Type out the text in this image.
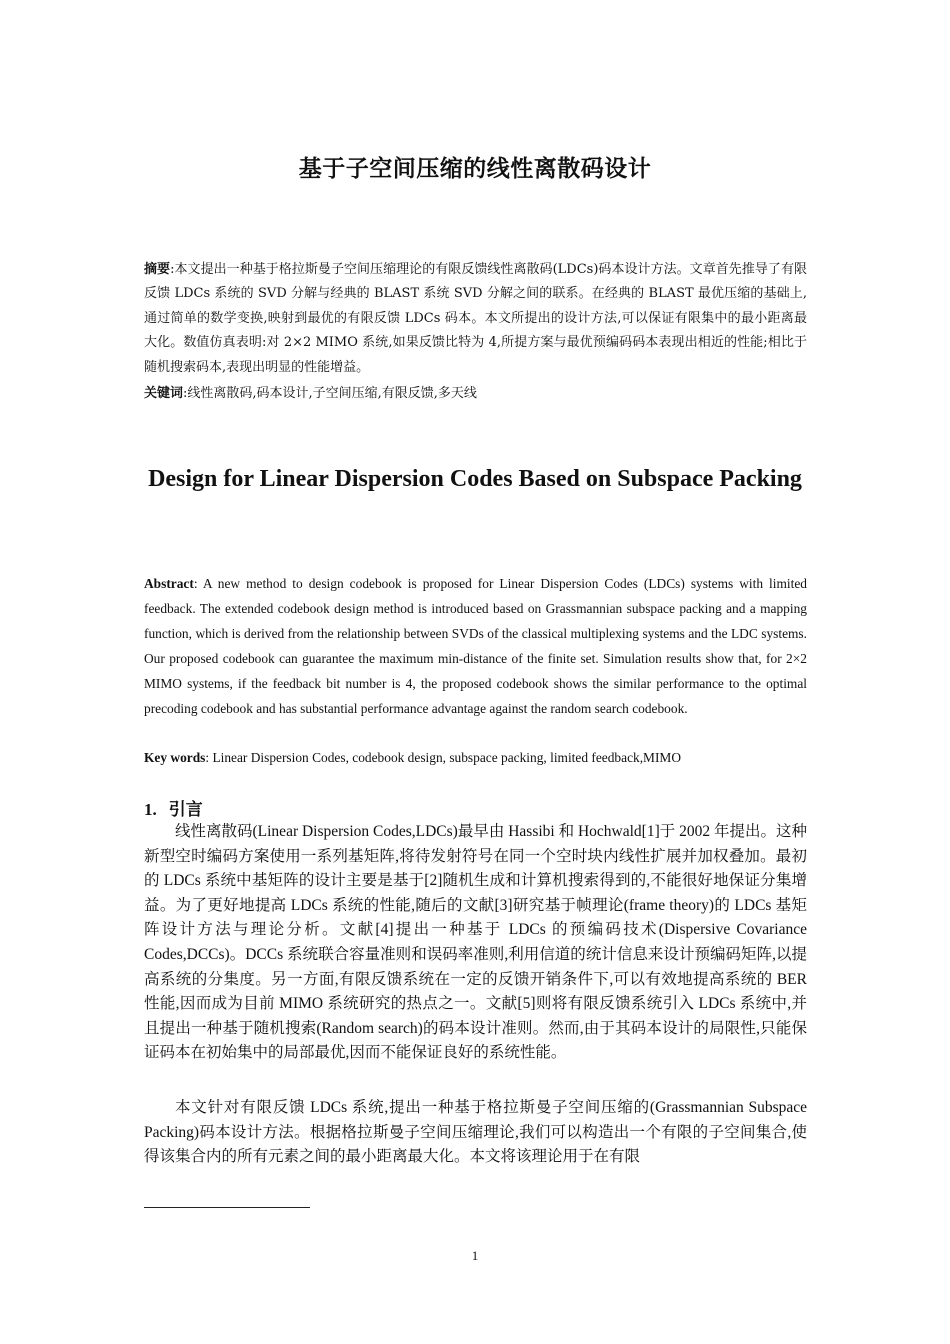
基于子空间压缩的线性离散码设计
摘要:本文提出一种基于格拉斯曼子空间压缩理论的有限反馈线性离散码(LDCs)码本设计方法。文章首先推导了有限反馈 LDCs 系统的 SVD 分解与经典的 BLAST 系统 SVD 分解之间的联系。在经典的 BLAST 最优压缩的基础上,通过简单的数学变换,映射到最优的有限反馈 LDCs 码本。本文所提出的设计方法,可以保证有限集中的最小距离最大化。数值仿真表明:对 2×2 MIMO 系统,如果反馈比特为 4,所提方案与最优预编码码本表现出相近的性能;相比于随机搜索码本,表现出明显的性能增益。
关键词:线性离散码,码本设计,子空间压缩,有限反馈,多天线
Design for Linear Dispersion Codes Based on Subspace Packing
Abstract: A new method to design codebook is proposed for Linear Dispersion Codes (LDCs) systems with limited feedback. The extended codebook design method is introduced based on Grassmannian subspace packing and a mapping function, which is derived from the relationship between SVDs of the classical multiplexing systems and the LDC systems. Our proposed codebook can guarantee the maximum min-distance of the finite set. Simulation results show that, for 2×2 MIMO systems, if the feedback bit number is 4, the proposed codebook shows the similar performance to the optimal precoding codebook and has substantial performance advantage against the random search codebook.
Key words: Linear Dispersion Codes, codebook design, subspace packing, limited feedback,MIMO
1. 引言

线性离散码(Linear Dispersion Codes,LDCs)最早由 Hassibi 和 Hochwald[1]于 2002 年提出。这种新型空时编码方案使用一系列基矩阵,将待发射符号在同一个空时块内线性扩展并加权叠加。最初的 LDCs 系统中基矩阵的设计主要是基于[2]随机生成和计算机搜索得到的,不能很好地保证分集增益。为了更好地提高 LDCs 系统的性能,随后的文献[3]研究基于帧理论(frame theory)的 LDCs 基矩阵设计方法与理论分析。文献[4]提出一种基于 LDCs 的预编码技术(Dispersive Covariance Codes,DCCs)。DCCs 系统联合容量准则和误码率准则,利用信道的统计信息来设计预编码矩阵,以提高系统的分集度。另一方面,有限反馈系统在一定的反馈开销条件下,可以有效地提高系统的 BER 性能,因而成为目前 MIMO 系统研究的热点之一。文献[5]则将有限反馈系统引入 LDCs 系统中,并且提出一种基于随机搜索(Random search)的码本设计准则。然而,由于其码本设计的局限性,只能保证码本在初始集中的局部最优,因而不能保证良好的系统性能。

本文针对有限反馈 LDCs 系统,提出一种基于格拉斯曼子空间压缩的(Grassmannian Subspace Packing)码本设计方法。根据格拉斯曼子空间压缩理论,我们可以构造出一个有限的子空间集合,使得该集合内的所有元素之间的最小距离最大化。本文将该理论用于在有限

1
